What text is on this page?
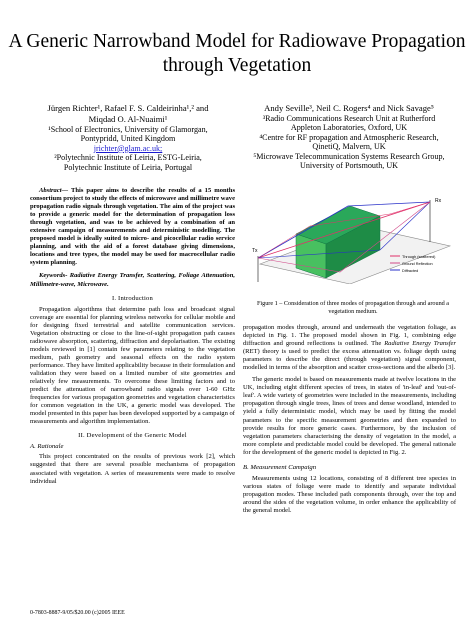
A Generic Narrowband Model for Radiowave Propagation through Vegetation
Jürgen Richter¹, Rafael F. S. Caldeirinha¹,² and Miqdad O. Al-Nuaimi¹
¹School of Electronics, University of Glamorgan,
Pontypridd, United Kingdom
jrichter@glam.ac.uk;
²Polytechnic Institute of Leiria, ESTG-Leiria,
Polytechnic Institute of Leiria, Portugal
Andy Seville³, Neil C. Rogers⁴ and Nick Savage⁵
³Radio Communications Research Unit at Rutherford
Appleton Laboratories, Oxford, UK
⁴Centre for RF propagation and Atmospheric Research,
QinetiQ, Malvern, UK
⁵Microwave Telecommunication Systems Research Group,
University of Portsmouth, UK

Abstract— This paper aims to describe the results of a 15 months consortium project to study the effects of microwave and millimetre wave propagation radio signals through vegetation. The aim of the project was to provide a generic model for the determination of propagation loss through vegetation, and was to be achieved by a combination of an extensive campaign of measurements and deterministic modelling. The proposed model is ideally suited to micro- and picocellular radio service planning, and with the aid of a forest database giving dimensions, locations and tree types, the model may be used for macrocellular radio system planning.

Keywords- Radiative Energy Transfer, Scattering, Foliage Attenuation, Millimetre-wave, Microwave.

I. Introduction

Propagation algorithms that determine path loss and broadcast signal coverage are essential for planning wireless networks for cellular mobile and for designing fixed terrestrial and satellite communication services. Vegetation obstructing or close to the line-of-sight propagation path causes radiowave absorption, scattering, diffraction and depolarisation. The existing models reviewed in [1] contain few parameters relating to the vegetation medium, path geometry and seasonal effects on the radio system performance. They have limited applicability because in their formulation and validation they were based on a limited number of site geometries and relatively few measurements. To overcome these limiting factors and to predict the attenuation of narrowband radio signals over 1-60 GHz frequencies for various propagation geometries and vegetation characteristics for common vegetation in the UK, a generic model was developed. The model presented in this paper has been developed supported by a campaign of measurements and algorithm implementation.

II. Development of the Generic Model

A. Rationale

This project concentrated on the results of previous work [2], which suggested that there are several possible mechanisms of propagation associated with vegetation. A series of measurements were made to resolve individual

Rx
Tx
Through (scattered)
Ground Reflection
Diffracted
Figure 1 – Consideration of three modes of propagation through and around a vegetation medium.

propagation modes through, around and underneath the vegetation foliage, as depicted in Fig. 1. The proposed model shown in Fig. 1, combining edge diffraction and ground reflections is outlined. The Radiative Energy Transfer (RET) theory is used to predict the excess attenuation vs. foliage depth using parameters to describe the direct (through vegetation) signal component, modelled in terms of the absorption and scatter cross-sections and the albedo [3].

The generic model is based on measurements made at twelve locations in the UK, including eight different species of trees, in states of 'in-leaf' and 'out-of-leaf'. A wide variety of geometries were included in the measurements, including propagation through single trees, lines of trees and dense woodland, intended to yield a fully deterministic model, which may be used by fitting the model parameters to the specific measurement geometries and then expanded to provide results for more generic cases. Furthermore, by the inclusion of vegetation parameters characterising the density of vegetation in the model, a more complete and predictable model could be developed. The general rationale for the development of the generic model is depicted in Fig. 2.

B. Measurement Campaign

Measurements using 12 locations, consisting of 8 different tree species in various states of foliage were made to identify and separate individual propagation modes. These included path components through, over the top and around the sides of the vegetation volume, in order enhance the applicability of the general model.

0-7803-8887-9/05/$20.00 (c)2005 IEEE
